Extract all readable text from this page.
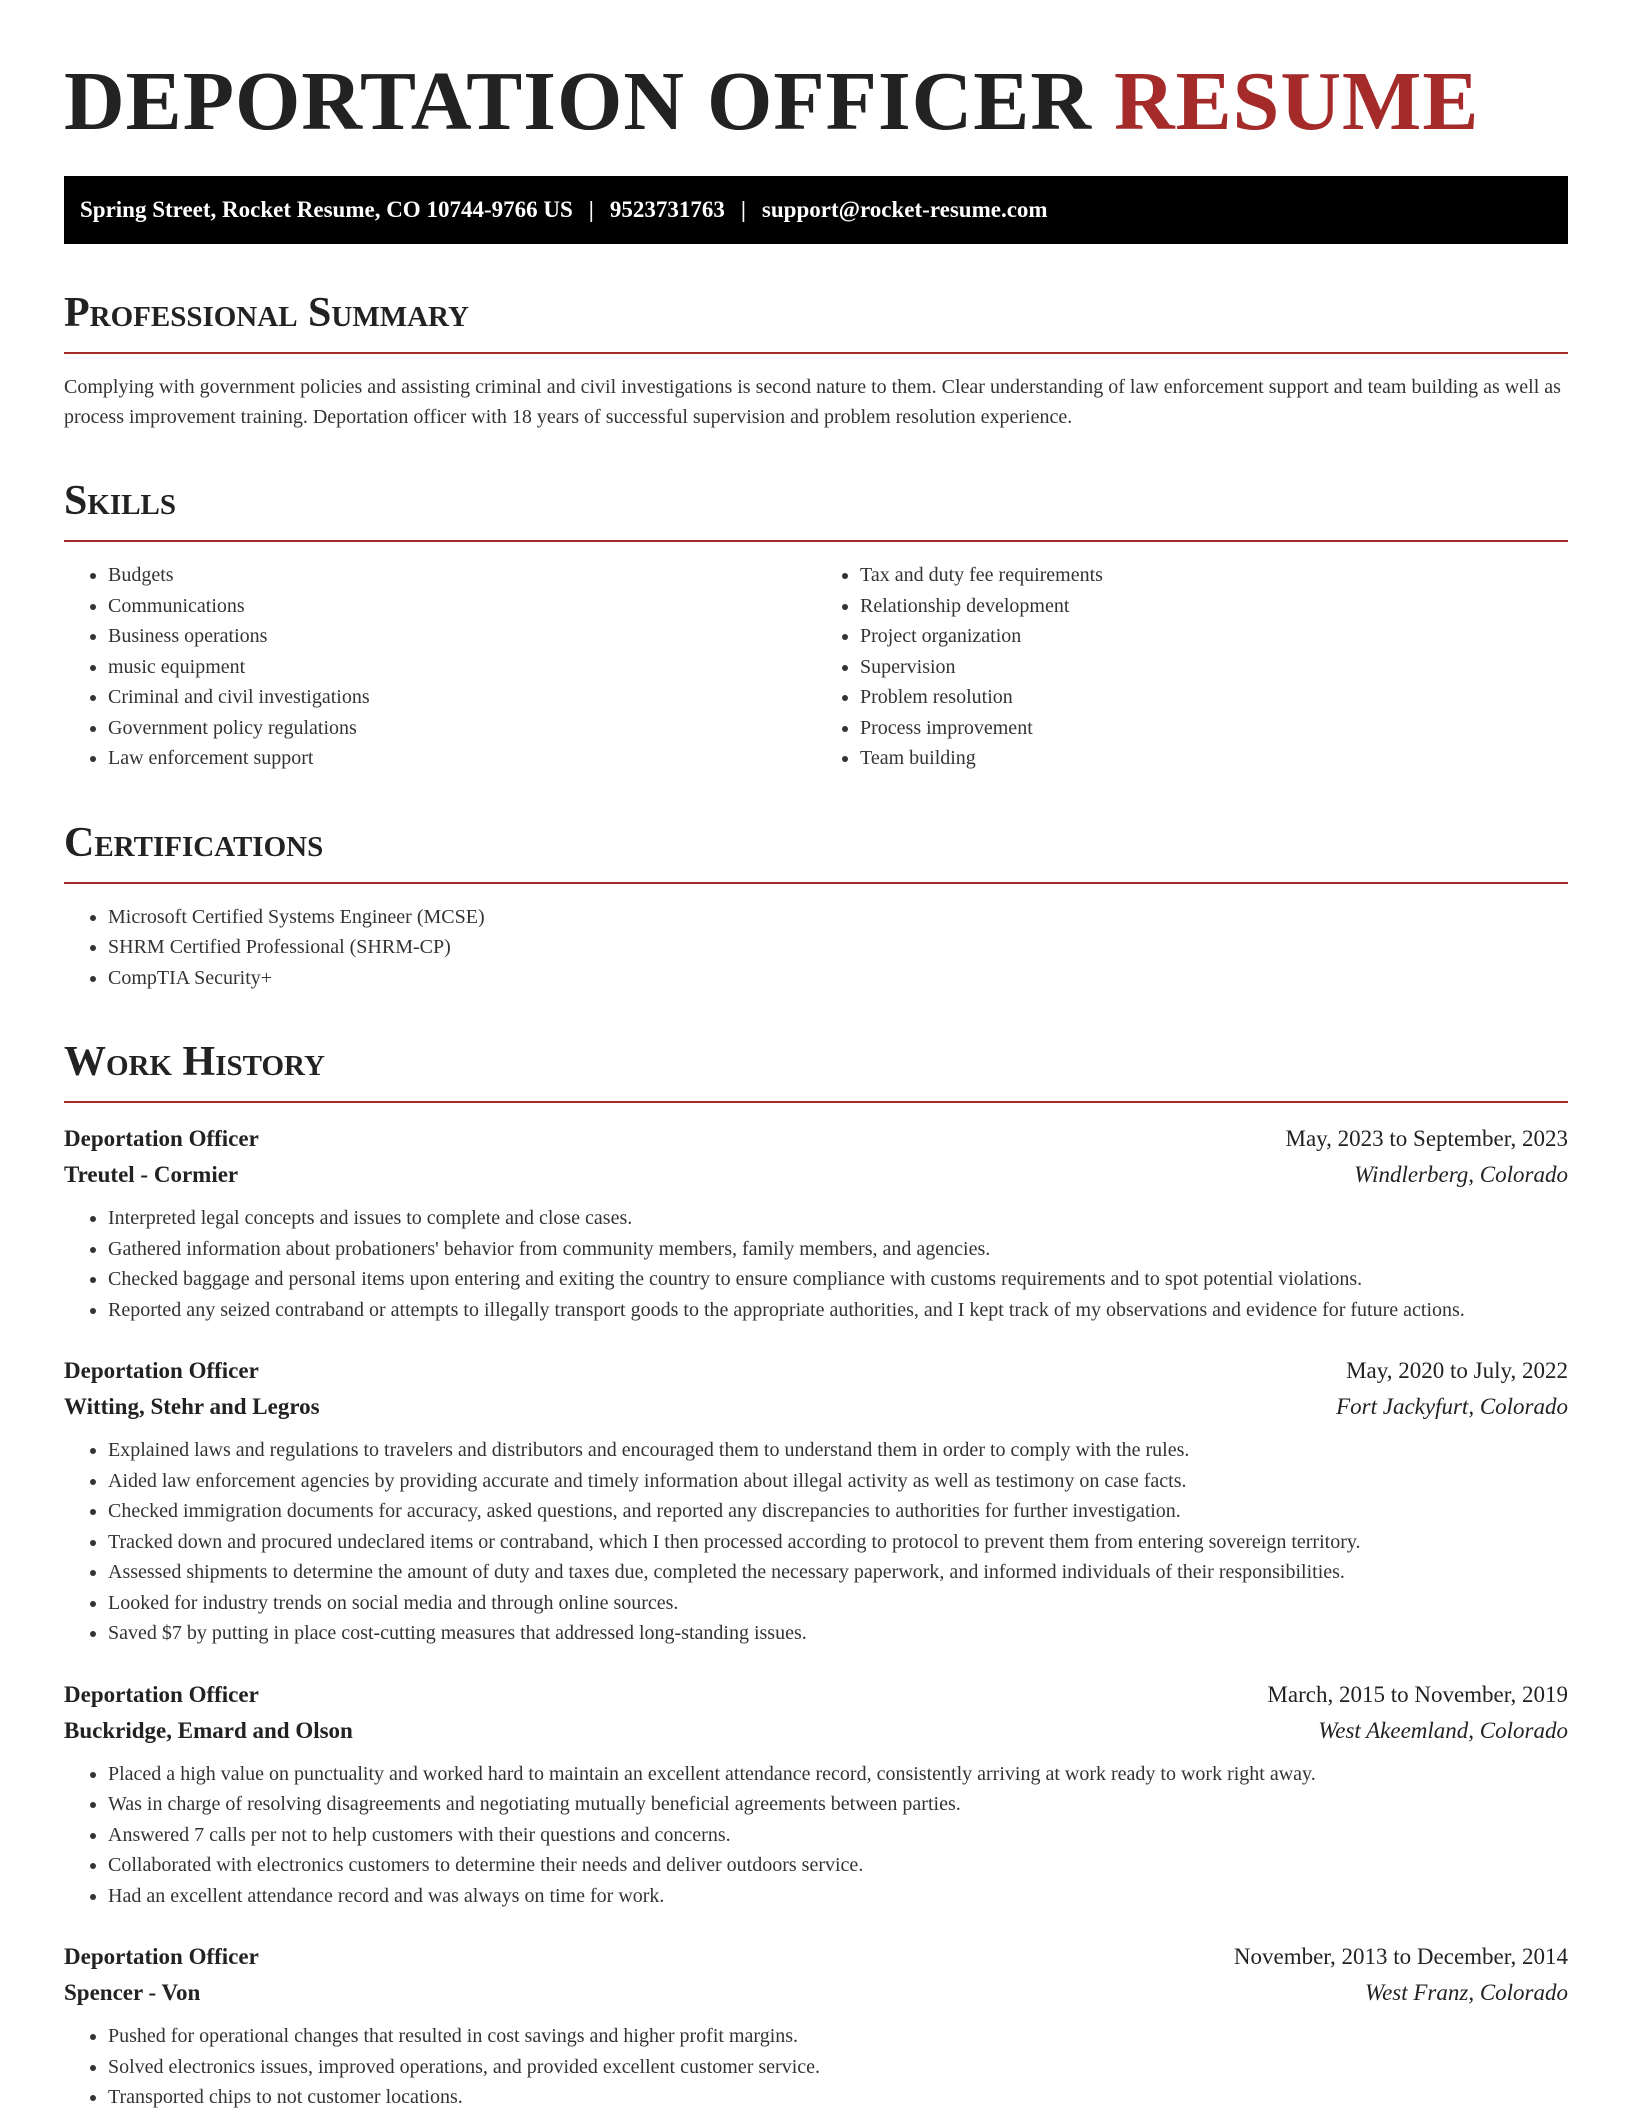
DEPORTATION OFFICER RESUME
Spring Street, Rocket Resume, CO 10744-9766 US | 9523731763 | support@rocket-resume.com
Professional Summary

Complying with government policies and assisting criminal and civil investigations is second nature to them. Clear understanding of law enforcement support and team building as well as process improvement training. Deportation officer with 18 years of successful supervision and problem resolution experience.

Skills
• Budgets
• Communications
• Business operations
• music equipment
• Criminal and civil investigations
• Government policy regulations
• Law enforcement support
• Tax and duty fee requirements
• Relationship development
• Project organization
• Supervision
• Problem resolution
• Process improvement
• Team building
Certifications
• Microsoft Certified Systems Engineer (MCSE)
• SHRM Certified Professional (SHRM-CP)
• CompTIA Security+
Work History
Deportation Officer	May, 2023 to September, 2023
Treutel - Cormier	Windlerberg, Colorado
• Interpreted legal concepts and issues to complete and close cases.
• Gathered information about probationers' behavior from community members, family members, and agencies.
• Checked baggage and personal items upon entering and exiting the country to ensure compliance with customs requirements and to spot potential violations.
• Reported any seized contraband or attempts to illegally transport goods to the appropriate authorities, and I kept track of my observations and evidence for future actions.
Deportation Officer	May, 2020 to July, 2022
Witting, Stehr and Legros	Fort Jackyfurt, Colorado
• Explained laws and regulations to travelers and distributors and encouraged them to understand them in order to comply with the rules.
• Aided law enforcement agencies by providing accurate and timely information about illegal activity as well as testimony on case facts.
• Checked immigration documents for accuracy, asked questions, and reported any discrepancies to authorities for further investigation.
• Tracked down and procured undeclared items or contraband, which I then processed according to protocol to prevent them from entering sovereign territory.
• Assessed shipments to determine the amount of duty and taxes due, completed the necessary paperwork, and informed individuals of their responsibilities.
• Looked for industry trends on social media and through online sources.
• Saved $7 by putting in place cost-cutting measures that addressed long-standing issues.
Deportation Officer	March, 2015 to November, 2019
Buckridge, Emard and Olson	West Akeemland, Colorado
• Placed a high value on punctuality and worked hard to maintain an excellent attendance record, consistently arriving at work ready to work right away.
• Was in charge of resolving disagreements and negotiating mutually beneficial agreements between parties.
• Answered 7 calls per not to help customers with their questions and concerns.
• Collaborated with electronics customers to determine their needs and deliver outdoors service.
• Had an excellent attendance record and was always on time for work.
Deportation Officer	November, 2013 to December, 2014
Spencer - Von	West Franz, Colorado
• Pushed for operational changes that resulted in cost savings and higher profit margins.
• Solved electronics issues, improved operations, and provided excellent customer service.
• Transported chips to not customer locations.
